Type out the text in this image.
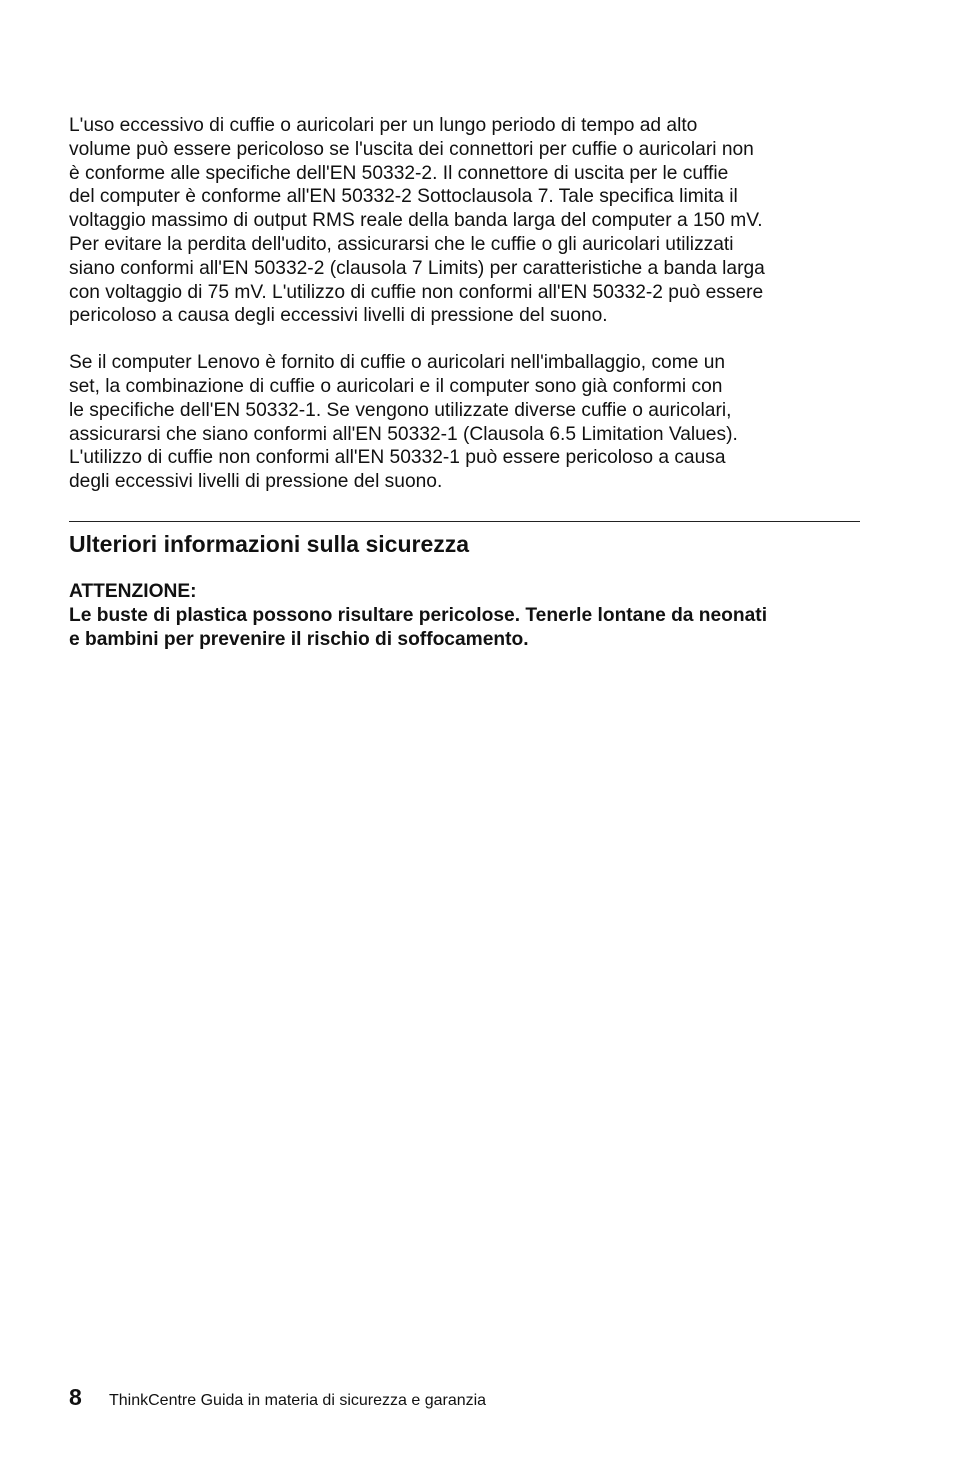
L'uso eccessivo di cuffie o auricolari per un lungo periodo di tempo ad alto
volume può essere pericoloso se l'uscita dei connettori per cuffie o auricolari non
è conforme alle specifiche dell'EN 50332-2. Il connettore di uscita per le cuffie
del computer è conforme all'EN 50332-2 Sottoclausola 7. Tale specifica limita il
voltaggio massimo di output RMS reale della banda larga del computer a 150 mV.
Per evitare la perdita dell'udito, assicurarsi che le cuffie o gli auricolari utilizzati
siano conformi all'EN 50332-2 (clausola 7 Limits) per caratteristiche a banda larga
con voltaggio di 75 mV. L'utilizzo di cuffie non conformi all'EN 50332-2 può essere
pericoloso a causa degli eccessivi livelli di pressione del suono.

Se il computer Lenovo è fornito di cuffie o auricolari nell'imballaggio, come un
set, la combinazione di cuffie o auricolari e il computer sono già conformi con
le specifiche dell'EN 50332-1. Se vengono utilizzate diverse cuffie o auricolari,
assicurarsi che siano conformi all'EN 50332-1 (Clausola 6.5 Limitation Values).
L'utilizzo di cuffie non conformi all'EN 50332-1 può essere pericoloso a causa
degli eccessivi livelli di pressione del suono.

Ulteriori informazioni sulla sicurezza
ATTENZIONE:
Le buste di plastica possono risultare pericolose. Tenerle lontane da neonati
e bambini per prevenire il rischio di soffocamento.
8	ThinkCentre Guida in materia di sicurezza e garanzia
